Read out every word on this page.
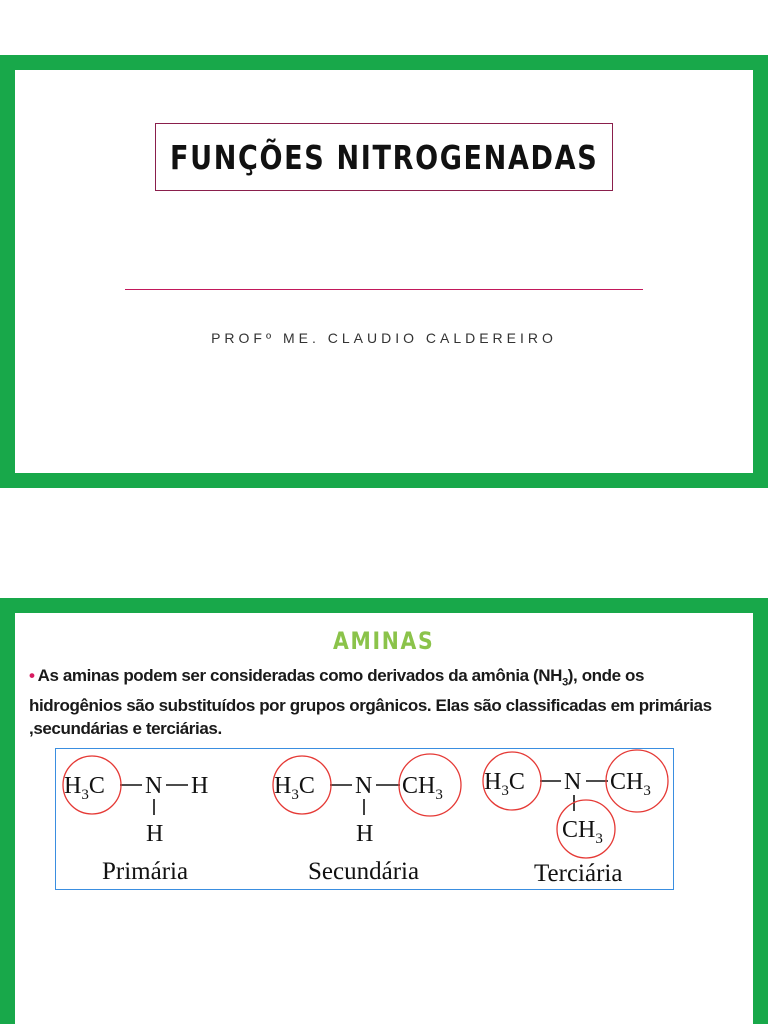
FUNÇÕES NITROGENADAS
PROFº ME. CLAUDIO CALDEREIRO
AMINAS
• As aminas podem ser consideradas como derivados da amônia $(NH_3)$, onde os hidrogênios são substituídos por grupos orgânicos. Elas são classificadas em primárias ,secundárias e terciárias.
$H_3C$ N H
H
Primária
$H_3C$ N $CH_3$
H
Secundária
$H_3C$ N $CH_3$
$CH_3$
Terciária
